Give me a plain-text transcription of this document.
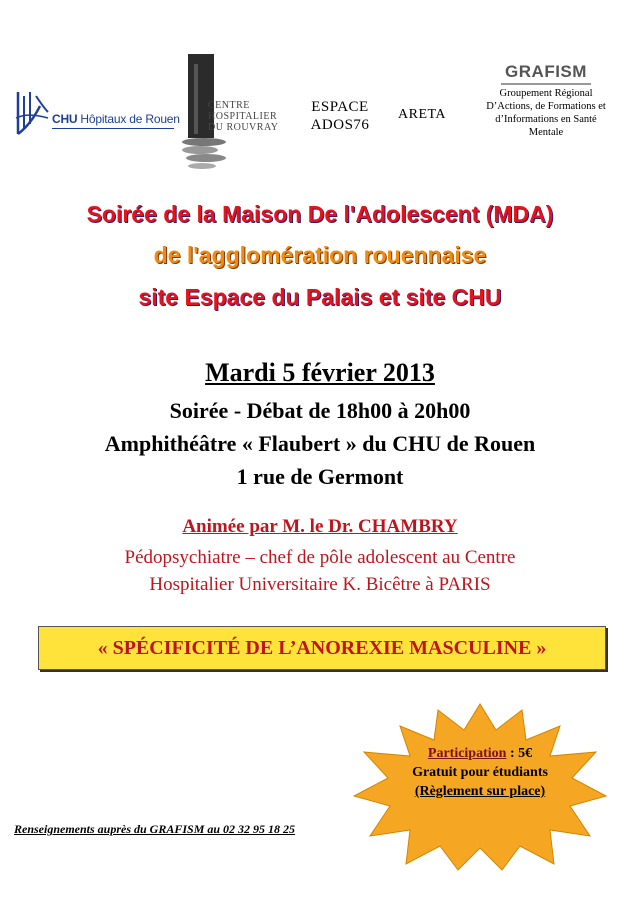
CHU Hôpitaux de Rouen
CENTRE
HOSPITALIER
DU ROUVRAY
ESPACE
ADOS76
ARETA
GRAFISM
Groupement Régional
D’Actions, de Formations et
d’Informations en Santé
Mentale
Soirée de la Maison De l'Adolescent (MDA)
de l'agglomération rouennaise
site Espace du Palais et site CHU
Mardi 5 février 2013
Soirée - Débat de 18h00 à 20h00
Amphithéâtre « Flaubert » du CHU de Rouen
1 rue de Germont
Animée par M. le Dr. CHAMBRY
Pédopsychiatre – chef de pôle adolescent au Centre
Hospitalier Universitaire K. Bicêtre à PARIS
« SPÉCIFICITÉ DE L’ANOREXIE MASCULINE »
Participation : 5€
Gratuit pour étudiants
(Règlement sur place)
Renseignements auprès du GRAFISM au 02 32 95 18 25
